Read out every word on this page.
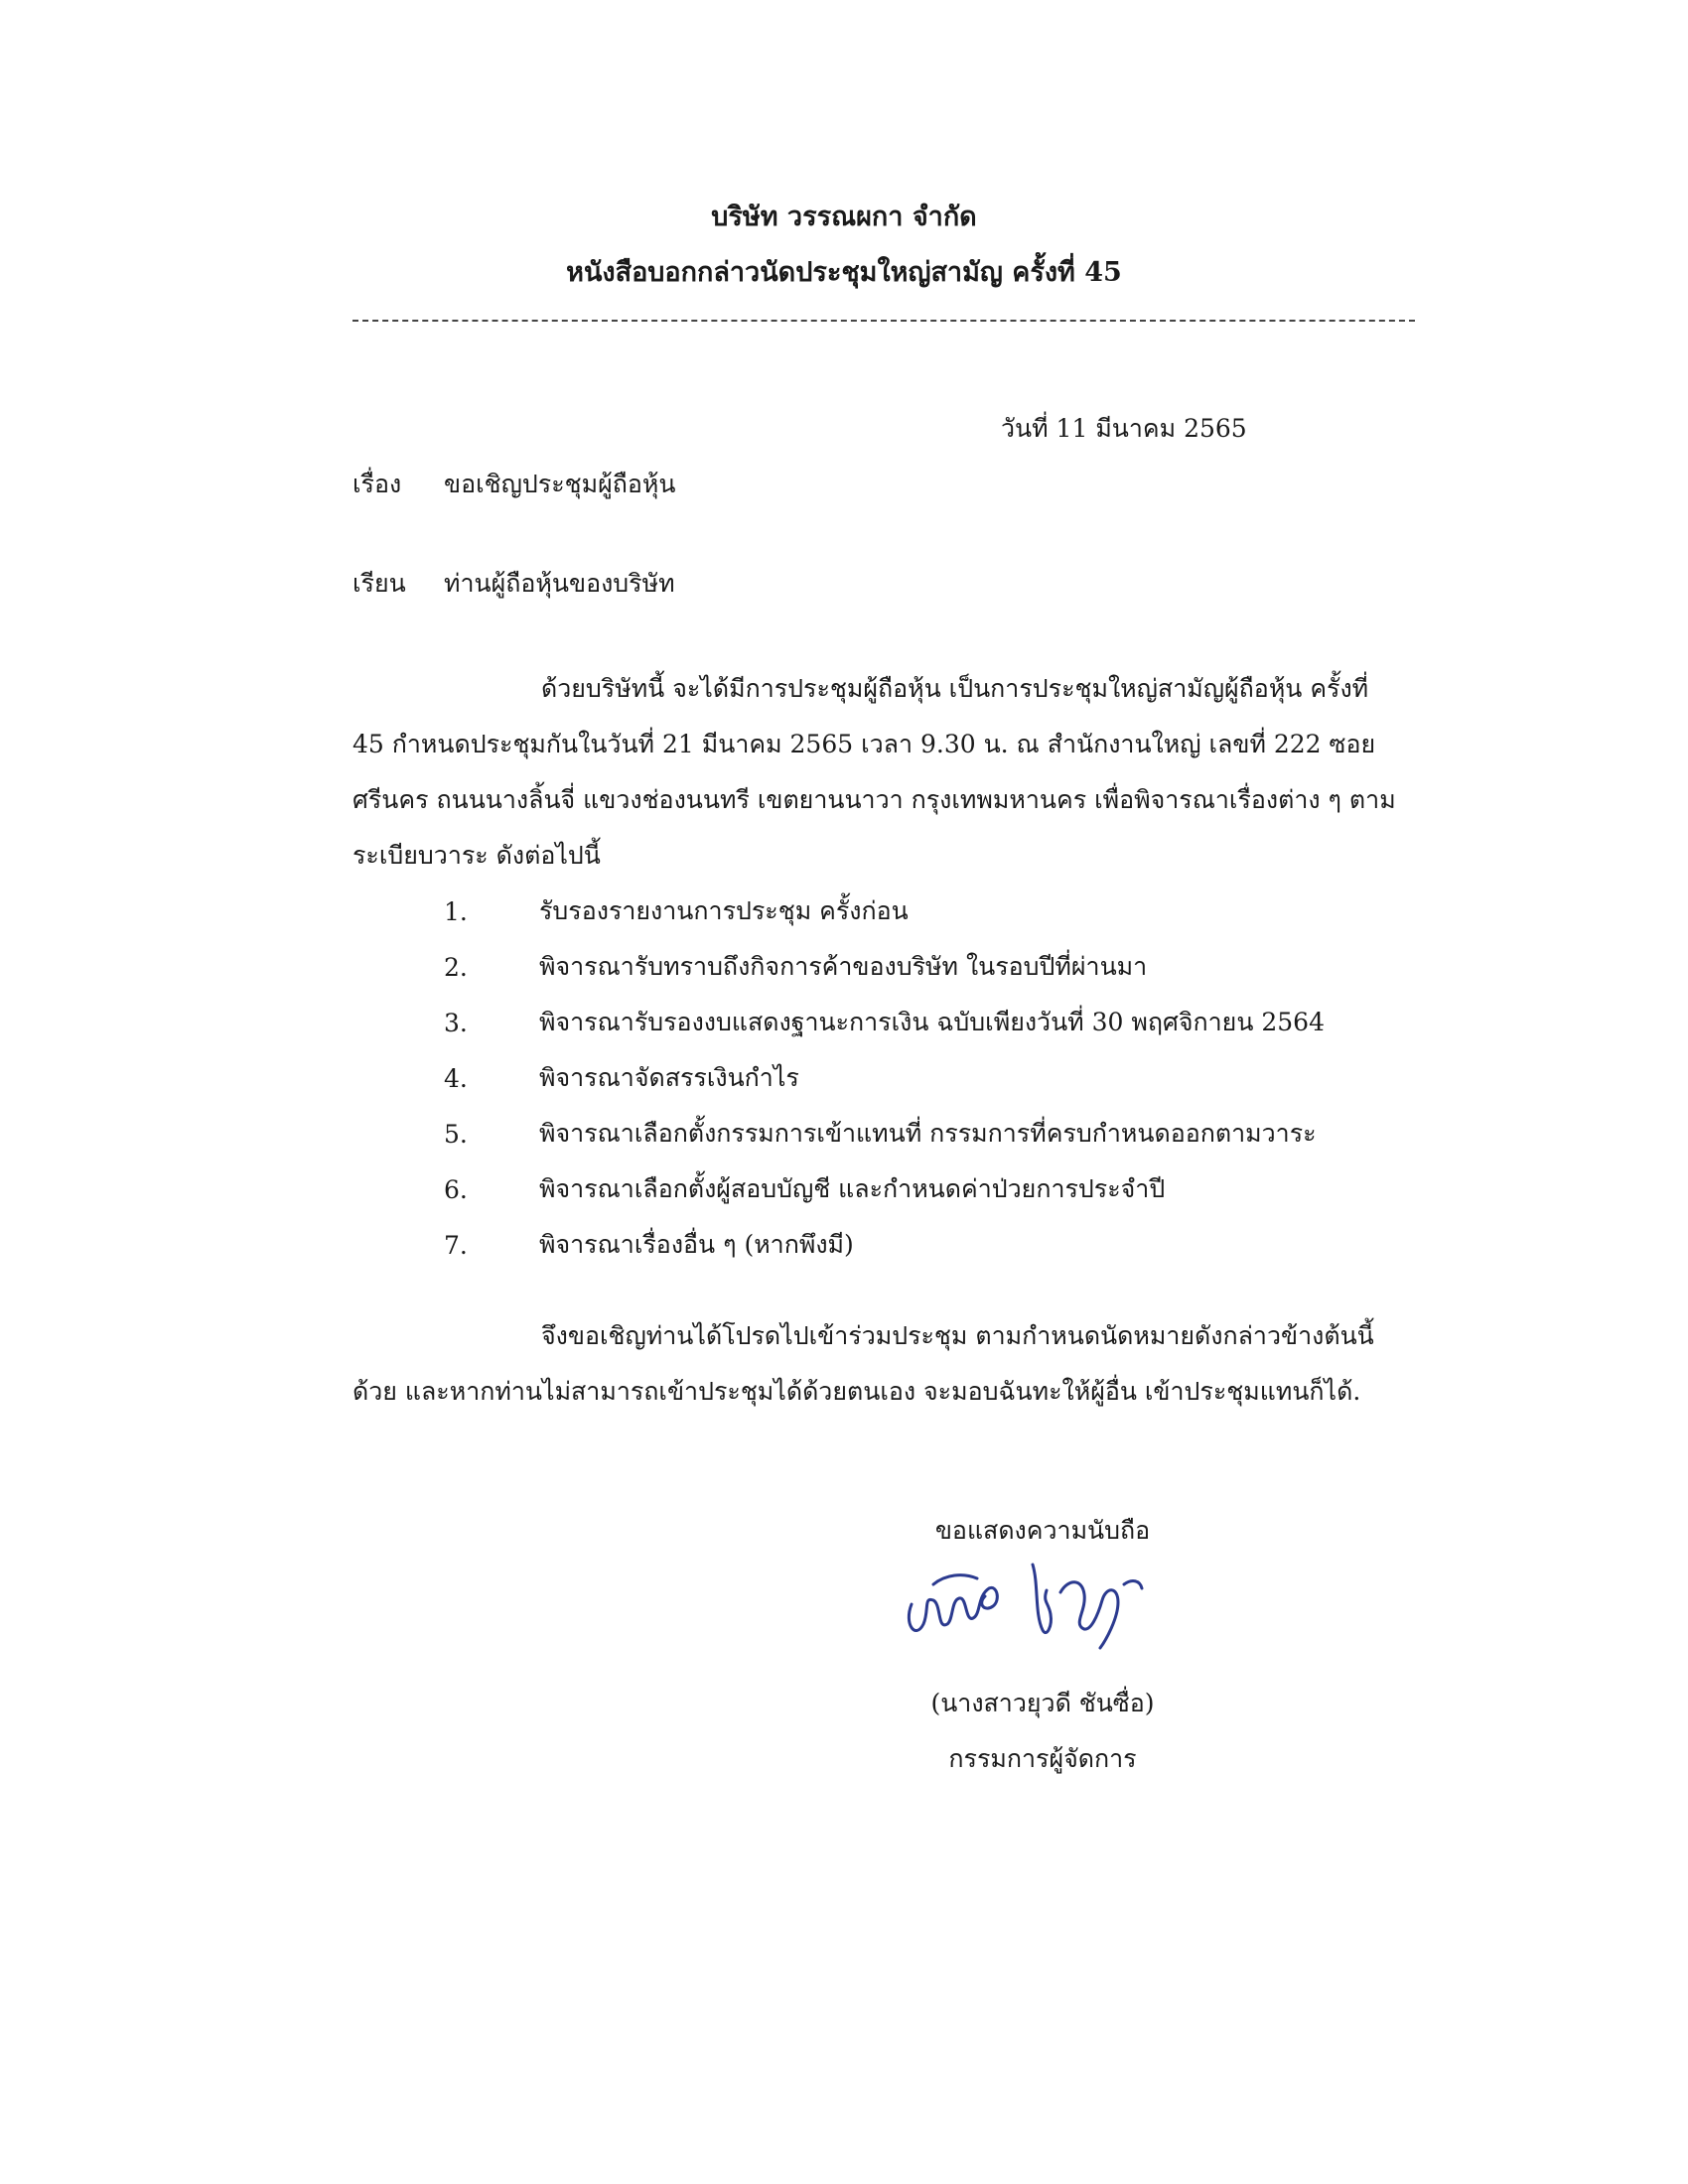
บริษัท วรรณผกา จำกัด
หนังสือบอกกล่าวนัดประชุมใหญ่สามัญ ครั้งที่ 45
วันที่ 11 มีนาคม 2565
เรื่อง	ขอเชิญประชุมผู้ถือหุ้น
เรียน	ท่านผู้ถือหุ้นของบริษัท
ด้วยบริษัทนี้ จะได้มีการประชุมผู้ถือหุ้น เป็นการประชุมใหญ่สามัญผู้ถือหุ้น ครั้งที่
45 กำหนดประชุมกันในวันที่ 21 มีนาคม 2565 เวลา 9.30 น. ณ สำนักงานใหญ่ เลขที่ 222 ซอย
ศรีนคร ถนนนางลิ้นจี่ แขวงช่องนนทรี เขตยานนาวา กรุงเทพมหานคร เพื่อพิจารณาเรื่องต่าง ๆ ตาม
ระเบียบวาระ ดังต่อไปนี้
1.	รับรองรายงานการประชุม ครั้งก่อน
2.	พิจารณารับทราบถึงกิจการค้าของบริษัท ในรอบปีที่ผ่านมา
3.	พิจารณารับรองงบแสดงฐานะการเงิน ฉบับเพียงวันที่ 30 พฤศจิกายน 2564
4.	พิจารณาจัดสรรเงินกำไร
5.	พิจารณาเลือกตั้งกรรมการเข้าแทนที่ กรรมการที่ครบกำหนดออกตามวาระ
6.	พิจารณาเลือกตั้งผู้สอบบัญชี และกำหนดค่าป่วยการประจำปี
7.	พิจารณาเรื่องอื่น ๆ (หากพึงมี)
จึงขอเชิญท่านได้โปรดไปเข้าร่วมประชุม ตามกำหนดนัดหมายดังกล่าวข้างต้นนี้
ด้วย และหากท่านไม่สามารถเข้าประชุมได้ด้วยตนเอง จะมอบฉันทะให้ผู้อื่น เข้าประชุมแทนก็ได้.
ขอแสดงความนับถือ
(นางสาวยุวดี ชันซื่อ)
กรรมการผู้จัดการ
